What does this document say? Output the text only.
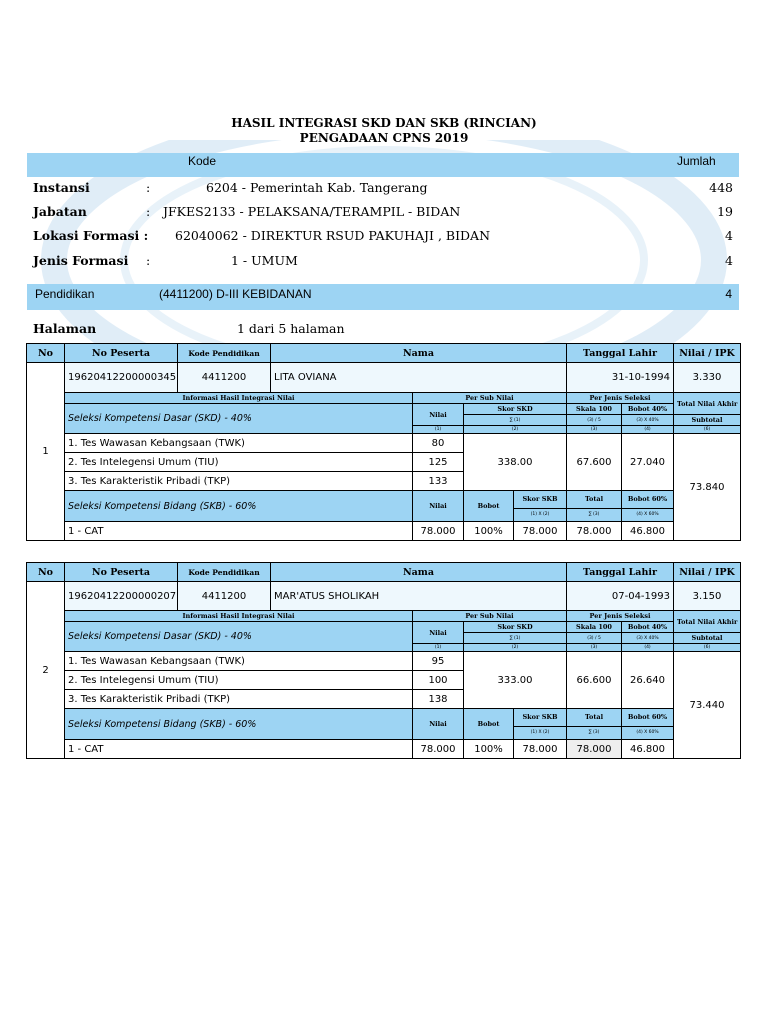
HASIL INTEGRASI SKD DAN SKB (RINCIAN)
PENGADAAN CPNS 2019
Kode	Jumlah
Instansi	:	6204 - Pemerintah Kab. Tangerang	448
Jabatan	: JFKES2133 - PELAKSANA/TERAMPIL - BIDAN	19
Lokasi Formasi : 62040062 - DIREKTUR RSUD PAKUHAJI , BIDAN	4
Jenis Formasi :	1 - UMUM	4
Pendidikan	(4411200) D-III KEBIDANAN	4
Halaman	1 dari 5 halaman
No	No Peserta	Kode Pendidikan	Nama				Tanggal Lahir		Nilai / IPK	
1	19620412200000345	4411200	LITA OVIANA				31-10-1994		3.330	
	Informasi Hasil Integrasi Nilai			Per Sub Nilai			Per Jenis Seleksi		Total Nilai Akhir	
	Seleksi Kompetensi Dasar (SKD) - 40%			Nilai	Skor SKD		Skala 100	Bobot 40%		
					∑ (1)		(3) / 5	(3) X 40%	Subtotal	
				(1)	(2)		(3)	(4)	(6)	
	1. Tes Wawasan Kebangsaan (TWK)			80	338.00		67.600	27.040	73.840	
	2. Tes Intelegensi Umum (TIU)			125						
	3. Tes Karakteristik Pribadi (TKP)			133						
	Seleksi Kompetensi Bidang (SKB) - 60%			Nilai	Bobot	Skor SKB	Total	Bobot 60%	
						(1) X (2)	∑ (3)	(4) X 60%		
	1 - CAT			78.000	100%	78.000	78.000	46.800		
No	No Peserta	Kode Pendidikan	Nama				Tanggal Lahir		Nilai / IPK	
2	19620412200000207	4411200	MAR'ATUS SHOLIKAH				07-04-1993		3.150	
	Informasi Hasil Integrasi Nilai			Per Sub Nilai			Per Jenis Seleksi		Total Nilai Akhir	
	Seleksi Kompetensi Dasar (SKD) - 40%			Nilai	Skor SKD		Skala 100	Bobot 40%		
					∑ (1)		(3) / 5	(3) X 40%	Subtotal	
				(1)	(2)		(3)	(4)	(6)	
	1. Tes Wawasan Kebangsaan (TWK)			95	333.00		66.600	26.640	73.440	
	2. Tes Intelegensi Umum (TIU)			100						
	3. Tes Karakteristik Pribadi (TKP)			138						
	Seleksi Kompetensi Bidang (SKB) - 60%			Nilai	Bobot	Skor SKB	Total	Bobot 60%	
						(1) X (2)	∑ (3)	(4) X 60%		
	1 - CAT			78.000	100%	78.000	78.000	46.800		
